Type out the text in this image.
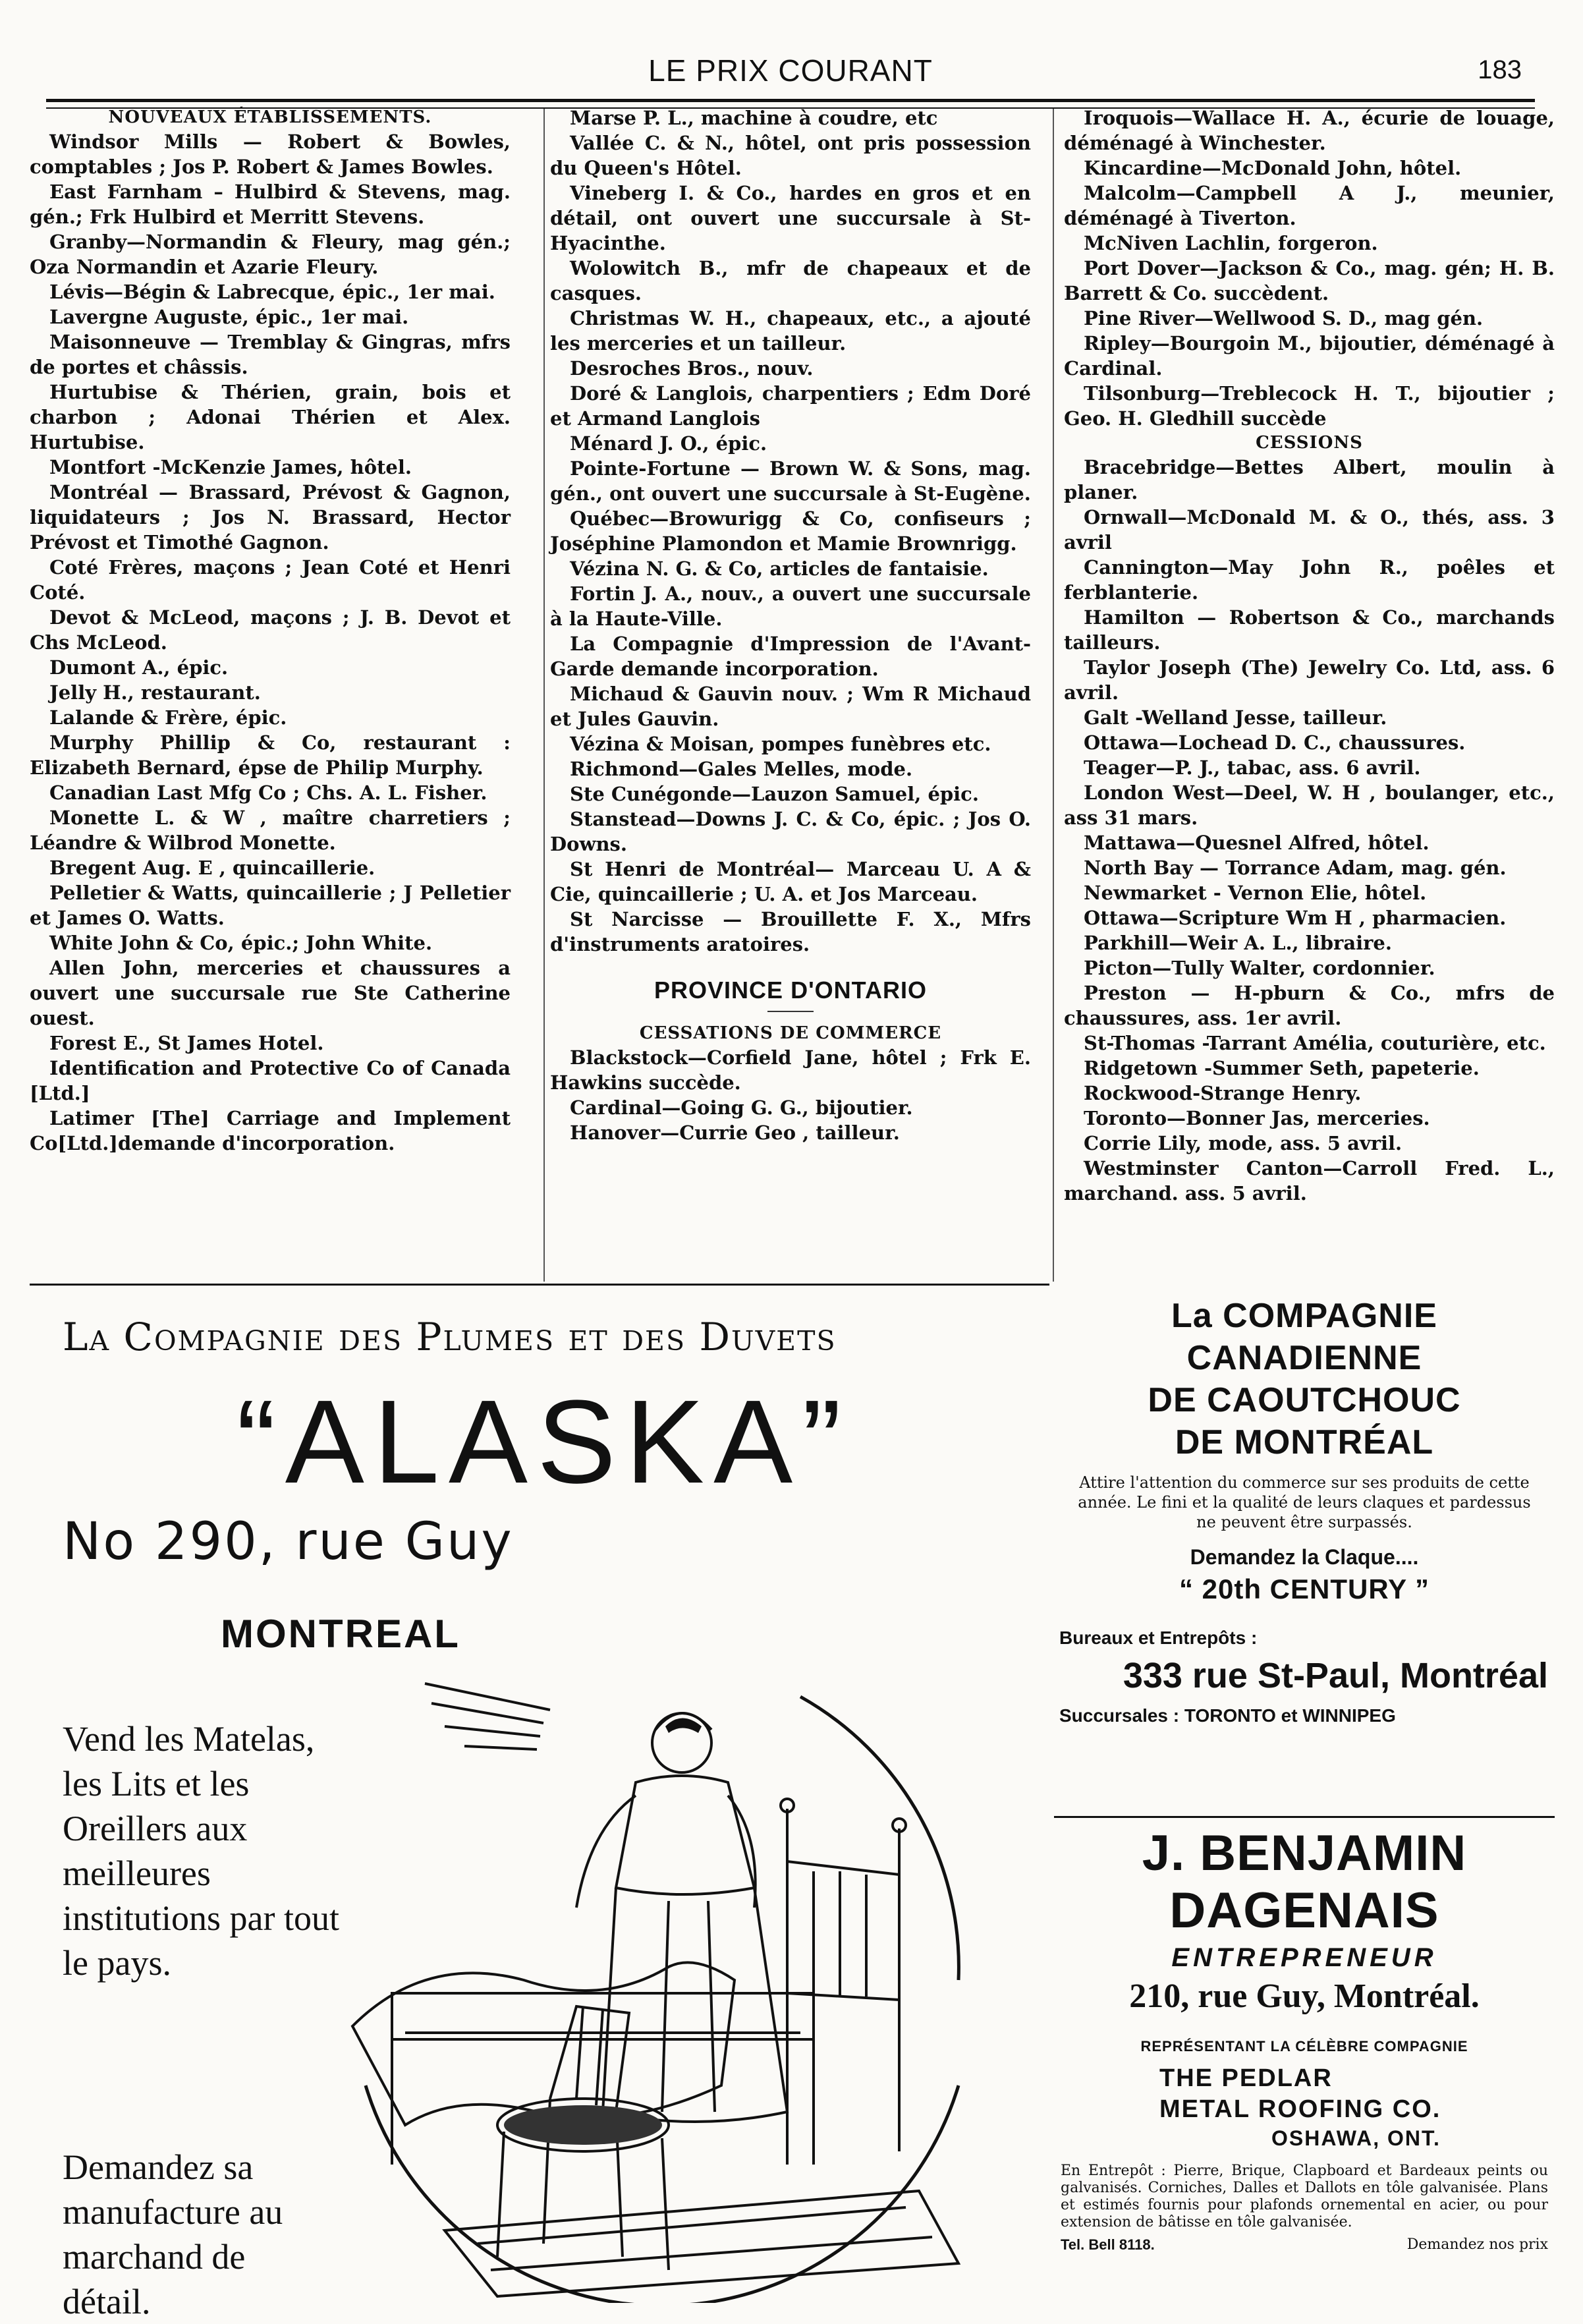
LE PRIX COURANT	183

NOUVEAUX ÉTABLISSEMENTS.

Windsor Mills — Robert & Bowles, comptables ; Jos P. Robert & James Bowles.

East Farnham – Hulbird & Stevens, mag. gén.; Frk Hulbird et Merritt Stevens.

Granby—Normandin & Fleury, mag gén.; Oza Normandin et Azarie Fleury.

Lévis—Bégin & Labrecque, épic., 1er mai.

Lavergne Auguste, épic., 1er mai.

Maisonneuve — Tremblay & Gingras, mfrs de portes et châssis.

Hurtubise & Thérien, grain, bois et charbon ; Adonai Thérien et Alex. Hurtubise.

Montfort -McKenzie James, hôtel.

Montréal — Brassard, Prévost & Gagnon, liquidateurs ; Jos N. Brassard, Hector Prévost et Timothé Gagnon.

Coté Frères, maçons ; Jean Coté et Henri Coté.

Devot & McLeod, maçons ; J. B. Devot et Chs McLeod.

Dumont A., épic.

Jelly H., restaurant.

Lalande & Frère, épic.

Murphy Phillip & Co, restaurant : Elizabeth Bernard, épse de Philip Murphy.

Canadian Last Mfg Co ; Chs. A. L. Fisher.

Monette L. & W , maître charretiers ; Léandre & Wilbrod Monette.

Bregent Aug. E , quincaillerie.

Pelletier & Watts, quincaillerie ; J Pelletier et James O. Watts.

White John & Co, épic.; John White.

Allen John, merceries et chaussures a ouvert une succursale rue Ste Catherine ouest.

Forest E., St James Hotel.

Identification and Protective Co of Canada [Ltd.]

Latimer [The] Carriage and Implement Co[Ltd.]demande d'incorporation.

Marse P. L., machine à coudre, etc

Vallée C. & N., hôtel, ont pris possession du Queen's Hôtel.

Vineberg I. & Co., hardes en gros et en détail, ont ouvert une succursale à St-Hyacinthe.

Wolowitch B., mfr de chapeaux et de casques.

Christmas W. H., chapeaux, etc., a ajouté les merceries et un tailleur.

Desroches Bros., nouv.

Doré & Langlois, charpentiers ; Edm Doré et Armand Langlois

Ménard J. O., épic.

Pointe-Fortune — Brown W. & Sons, mag. gén., ont ouvert une succursale à St-Eugène.

Québec—Browurigg & Co, confiseurs ; Joséphine Plamondon et Mamie Brownrigg.

Vézina N. G. & Co, articles de fantaisie.

Fortin J. A., nouv., a ouvert une succursale à la Haute-Ville.

La Compagnie d'Impression de l'Avant-Garde demande incorporation.

Michaud & Gauvin nouv. ; Wm R Michaud et Jules Gauvin.

Vézina & Moisan, pompes funèbres etc.

Richmond—Gales Melles, mode.

Ste Cunégonde—Lauzon Samuel, épic.

Stanstead—Downs J. C. & Co, épic. ; Jos O. Downs.

St Henri de Montréal— Marceau U. A & Cie, quincaillerie ; U. A. et Jos Marceau.

St Narcisse — Brouillette F. X., Mfrs d'instruments aratoires.

PROVINCE D'ONTARIO

CESSATIONS DE COMMERCE

Blackstock—Corfield Jane, hôtel ; Frk E. Hawkins succède.

Cardinal—Going G. G., bijoutier.

Hanover—Currie Geo , tailleur.

Iroquois—Wallace H. A., écurie de louage, déménagé à Winchester.

Kincardine—McDonald John, hôtel.

Malcolm—Campbell A J., meunier, déménagé à Tiverton.

McNiven Lachlin, forgeron.

Port Dover—Jackson & Co., mag. gén; H. B. Barrett & Co. succèdent.

Pine River—Wellwood S. D., mag gén.

Ripley—Bourgoin M., bijoutier, déménagé à Cardinal.

Tilsonburg—Treblecock H. T., bijoutier ; Geo. H. Gledhill succède

CESSIONS

Bracebridge—Bettes Albert, moulin à planer.

Ornwall—McDonald M. & O., thés, ass. 3 avril

Cannington—May John R., poêles et ferblanterie.

Hamilton — Robertson & Co., marchands tailleurs.

Taylor Joseph (The) Jewelry Co. Ltd, ass. 6 avril.

Galt -Welland Jesse, tailleur.

Ottawa—Lochead D. C., chaussures.

Teager—P. J., tabac, ass. 6 avril.

London West—Deel, W. H , boulanger, etc., ass 31 mars.

Mattawa—Quesnel Alfred, hôtel.

North Bay — Torrance Adam, mag. gén.

Newmarket - Vernon Elie, hôtel.

Ottawa—Scripture Wm H , pharmacien.

Parkhill—Weir A. L., libraire.

Picton—Tully Walter, cordonnier.

Preston — H-pburn & Co., mfrs de chaussures, ass. 1er avril.

St-Thomas -Tarrant Amélia, couturière, etc.

Ridgetown -Summer Seth, papeterie.

Rockwood-Strange Henry.

Toronto—Bonner Jas, merceries.

Corrie Lily, mode, ass. 5 avril.

Westminster Canton—Carroll Fred. L., marchand. ass. 5 avril.

La Compagnie des Plumes et des Duvets
“ALASKA”
No 290, rue Guy
MONTREAL
Vend les Matelas, les Lits et les Oreillers aux meilleures institutions par tout le pays.
Demandez sa manufacture au marchand de détail.
La COMPAGNIE CANADIENNE
DE CAOUTCHOUC
DE MONTRÉAL
Attire l'attention du commerce sur ses produits de cette année. Le fini et la qualité de leurs claques et pardessus ne peuvent être surpassés.
Demandez la Claque....
“ 20th CENTURY ”
Bureaux et Entrepôts :
333 rue St-Paul, Montréal
Succursales : TORONTO et WINNIPEG
J. BENJAMIN DAGENAIS
ENTREPRENEUR
210, rue Guy, Montréal.
REPRÉSENTANT LA CÉLÈBRE COMPAGNIE
THE PEDLAR
METAL ROOFING CO.
OSHAWA, ONT.
En Entrepôt : Pierre, Brique, Clapboard et Bardeaux peints ou galvanisés. Corniches, Dalles et Dallots en tôle galvanisée. Plans et estimés fournis pour plafonds ornemental en acier, ou pour extension de bâtisse en tôle galvanisée.
Tel. Bell 8118.	Demandez nos prix
